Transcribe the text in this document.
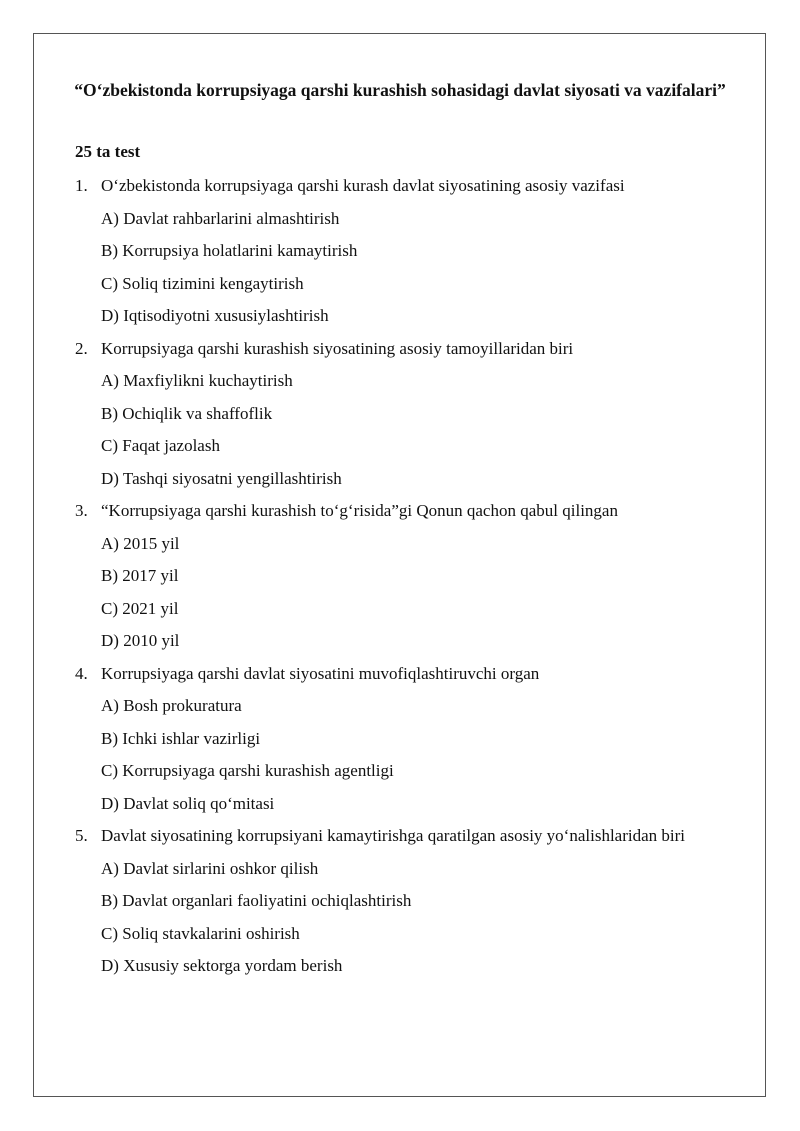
“O‘zbekistonda korrupsiyaga qarshi kurashish sohasidagi davlat siyosati va vazifalari”
25 ta test
1. O‘zbekistonda korrupsiyaga qarshi kurash davlat siyosatining asosiy vazifasi
A) Davlat rahbarlarini almashtirish
B) Korrupsiya holatlarini kamaytirish
C) Soliq tizimini kengaytirish
D) Iqtisodiyotni xususiylashtirish
2. Korrupsiyaga qarshi kurashish siyosatining asosiy tamoyillaridan biri
A) Maxfiylikni kuchaytirish
B) Ochiqlik va shaffoflik
C) Faqat jazolash
D) Tashqi siyosatni yengillashtirish
3. “Korrupsiyaga qarshi kurashish to‘g‘risida”gi Qonun qachon qabul qilingan
A) 2015 yil
B) 2017 yil
C) 2021 yil
D) 2010 yil
4. Korrupsiyaga qarshi davlat siyosatini muvofiqlashtiruvchi organ
A) Bosh prokuratura
B) Ichki ishlar vazirligi
C) Korrupsiyaga qarshi kurashish agentligi
D) Davlat soliq qo‘mitasi
5. Davlat siyosatining korrupsiyani kamaytirishga qaratilgan asosiy yo‘nalishlaridan biri
A) Davlat sirlarini oshkor qilish
B) Davlat organlari faoliyatini ochiqlashtirish
C) Soliq stavkalarini oshirish
D) Xususiy sektorga yordam berish
